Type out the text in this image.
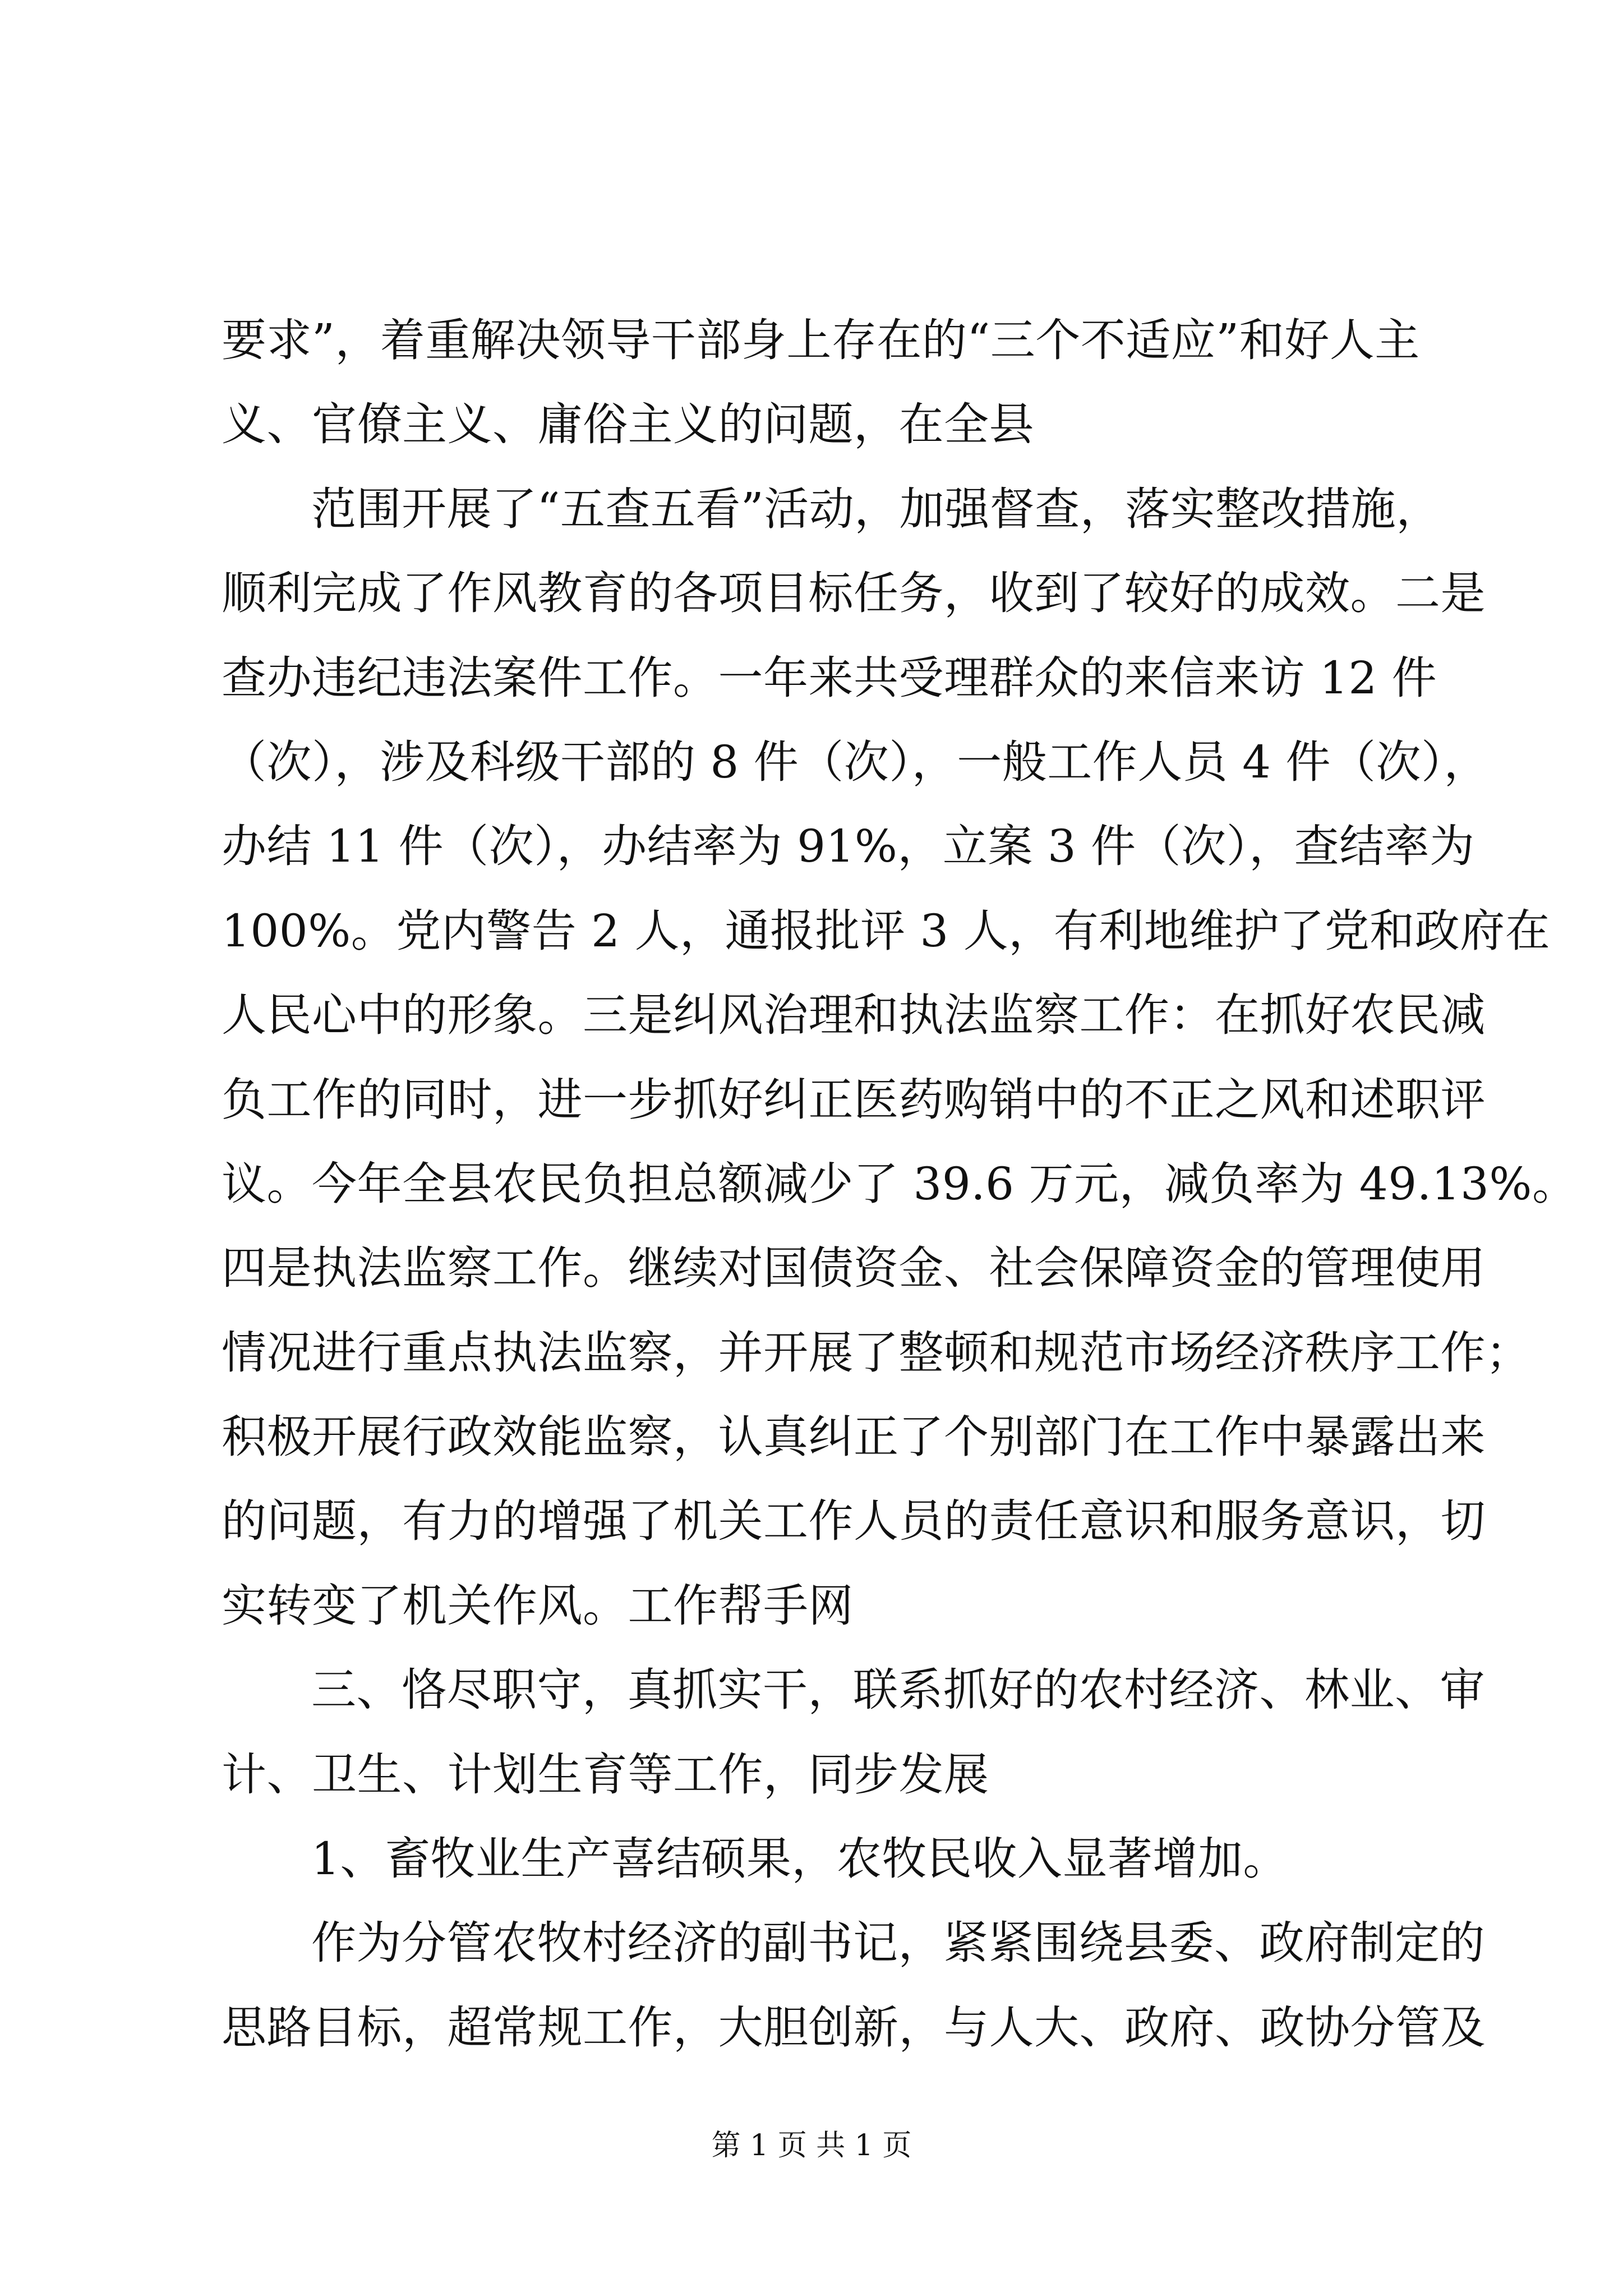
要求”，着重解决领导干部身上存在的“三个不适应”和好人主
义、官僚主义、庸俗主义的问题，在全县
范围开展了“五查五看”活动，加强督查，落实整改措施，
顺利完成了作风教育的各项目标任务，收到了较好的成效。二是
查办违纪违法案件工作。一年来共受理群众的来信来访 12 件
（次），涉及科级干部的 8 件（次），一般工作人员 4 件（次），
办结 11 件（次），办结率为 91%，立案 3 件（次），查结率为
100%。党内警告 2 人，通报批评 3 人，有利地维护了党和政府在
人民心中的形象。三是纠风治理和执法监察工作：在抓好农民减
负工作的同时，进一步抓好纠正医药购销中的不正之风和述职评
议。今年全县农民负担总额减少了 39.6 万元，减负率为 49.13%。
四是执法监察工作。继续对国债资金、社会保障资金的管理使用
情况进行重点执法监察，并开展了整顿和规范市场经济秩序工作；
积极开展行政效能监察，认真纠正了个别部门在工作中暴露出来
的问题，有力的增强了机关工作人员的责任意识和服务意识，切
实转变了机关作风。工作帮手网
三、恪尽职守，真抓实干，联系抓好的农村经济、林业、审
计、卫生、计划生育等工作，同步发展
1、畜牧业生产喜结硕果，农牧民收入显著增加。
作为分管农牧村经济的副书记，紧紧围绕县委、政府制定的
思路目标，超常规工作，大胆创新，与人大、政府、政协分管及
第 1 页 共 1 页
